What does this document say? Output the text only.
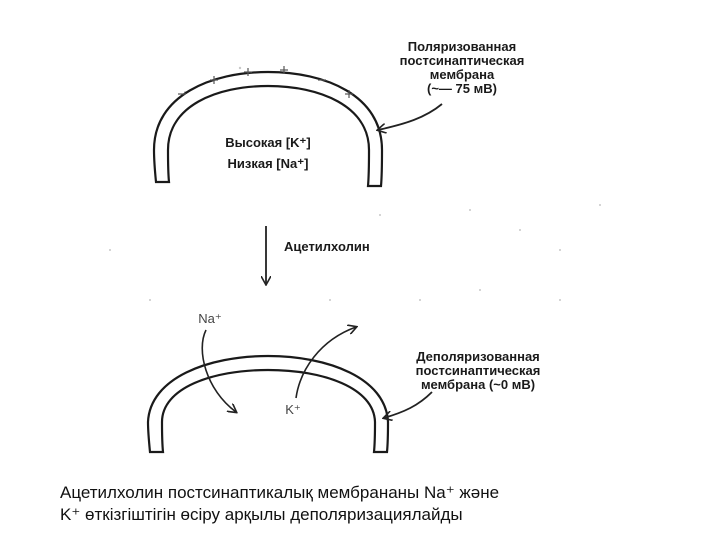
Поляризованная
постсинаптическая
мембрана
(~— 75 мВ)
Высокая [K⁺]
Низкая [Na⁺]
Ацетилхолин
Na⁺
K⁺
Деполяризованная
постсинаптическая
мембрана (~0 мВ)
Ацетилхолин постсинаптикалық мембрананы Na⁺ және
K⁺ өткізгіштігін өсіру арқылы деполяризациялайды
